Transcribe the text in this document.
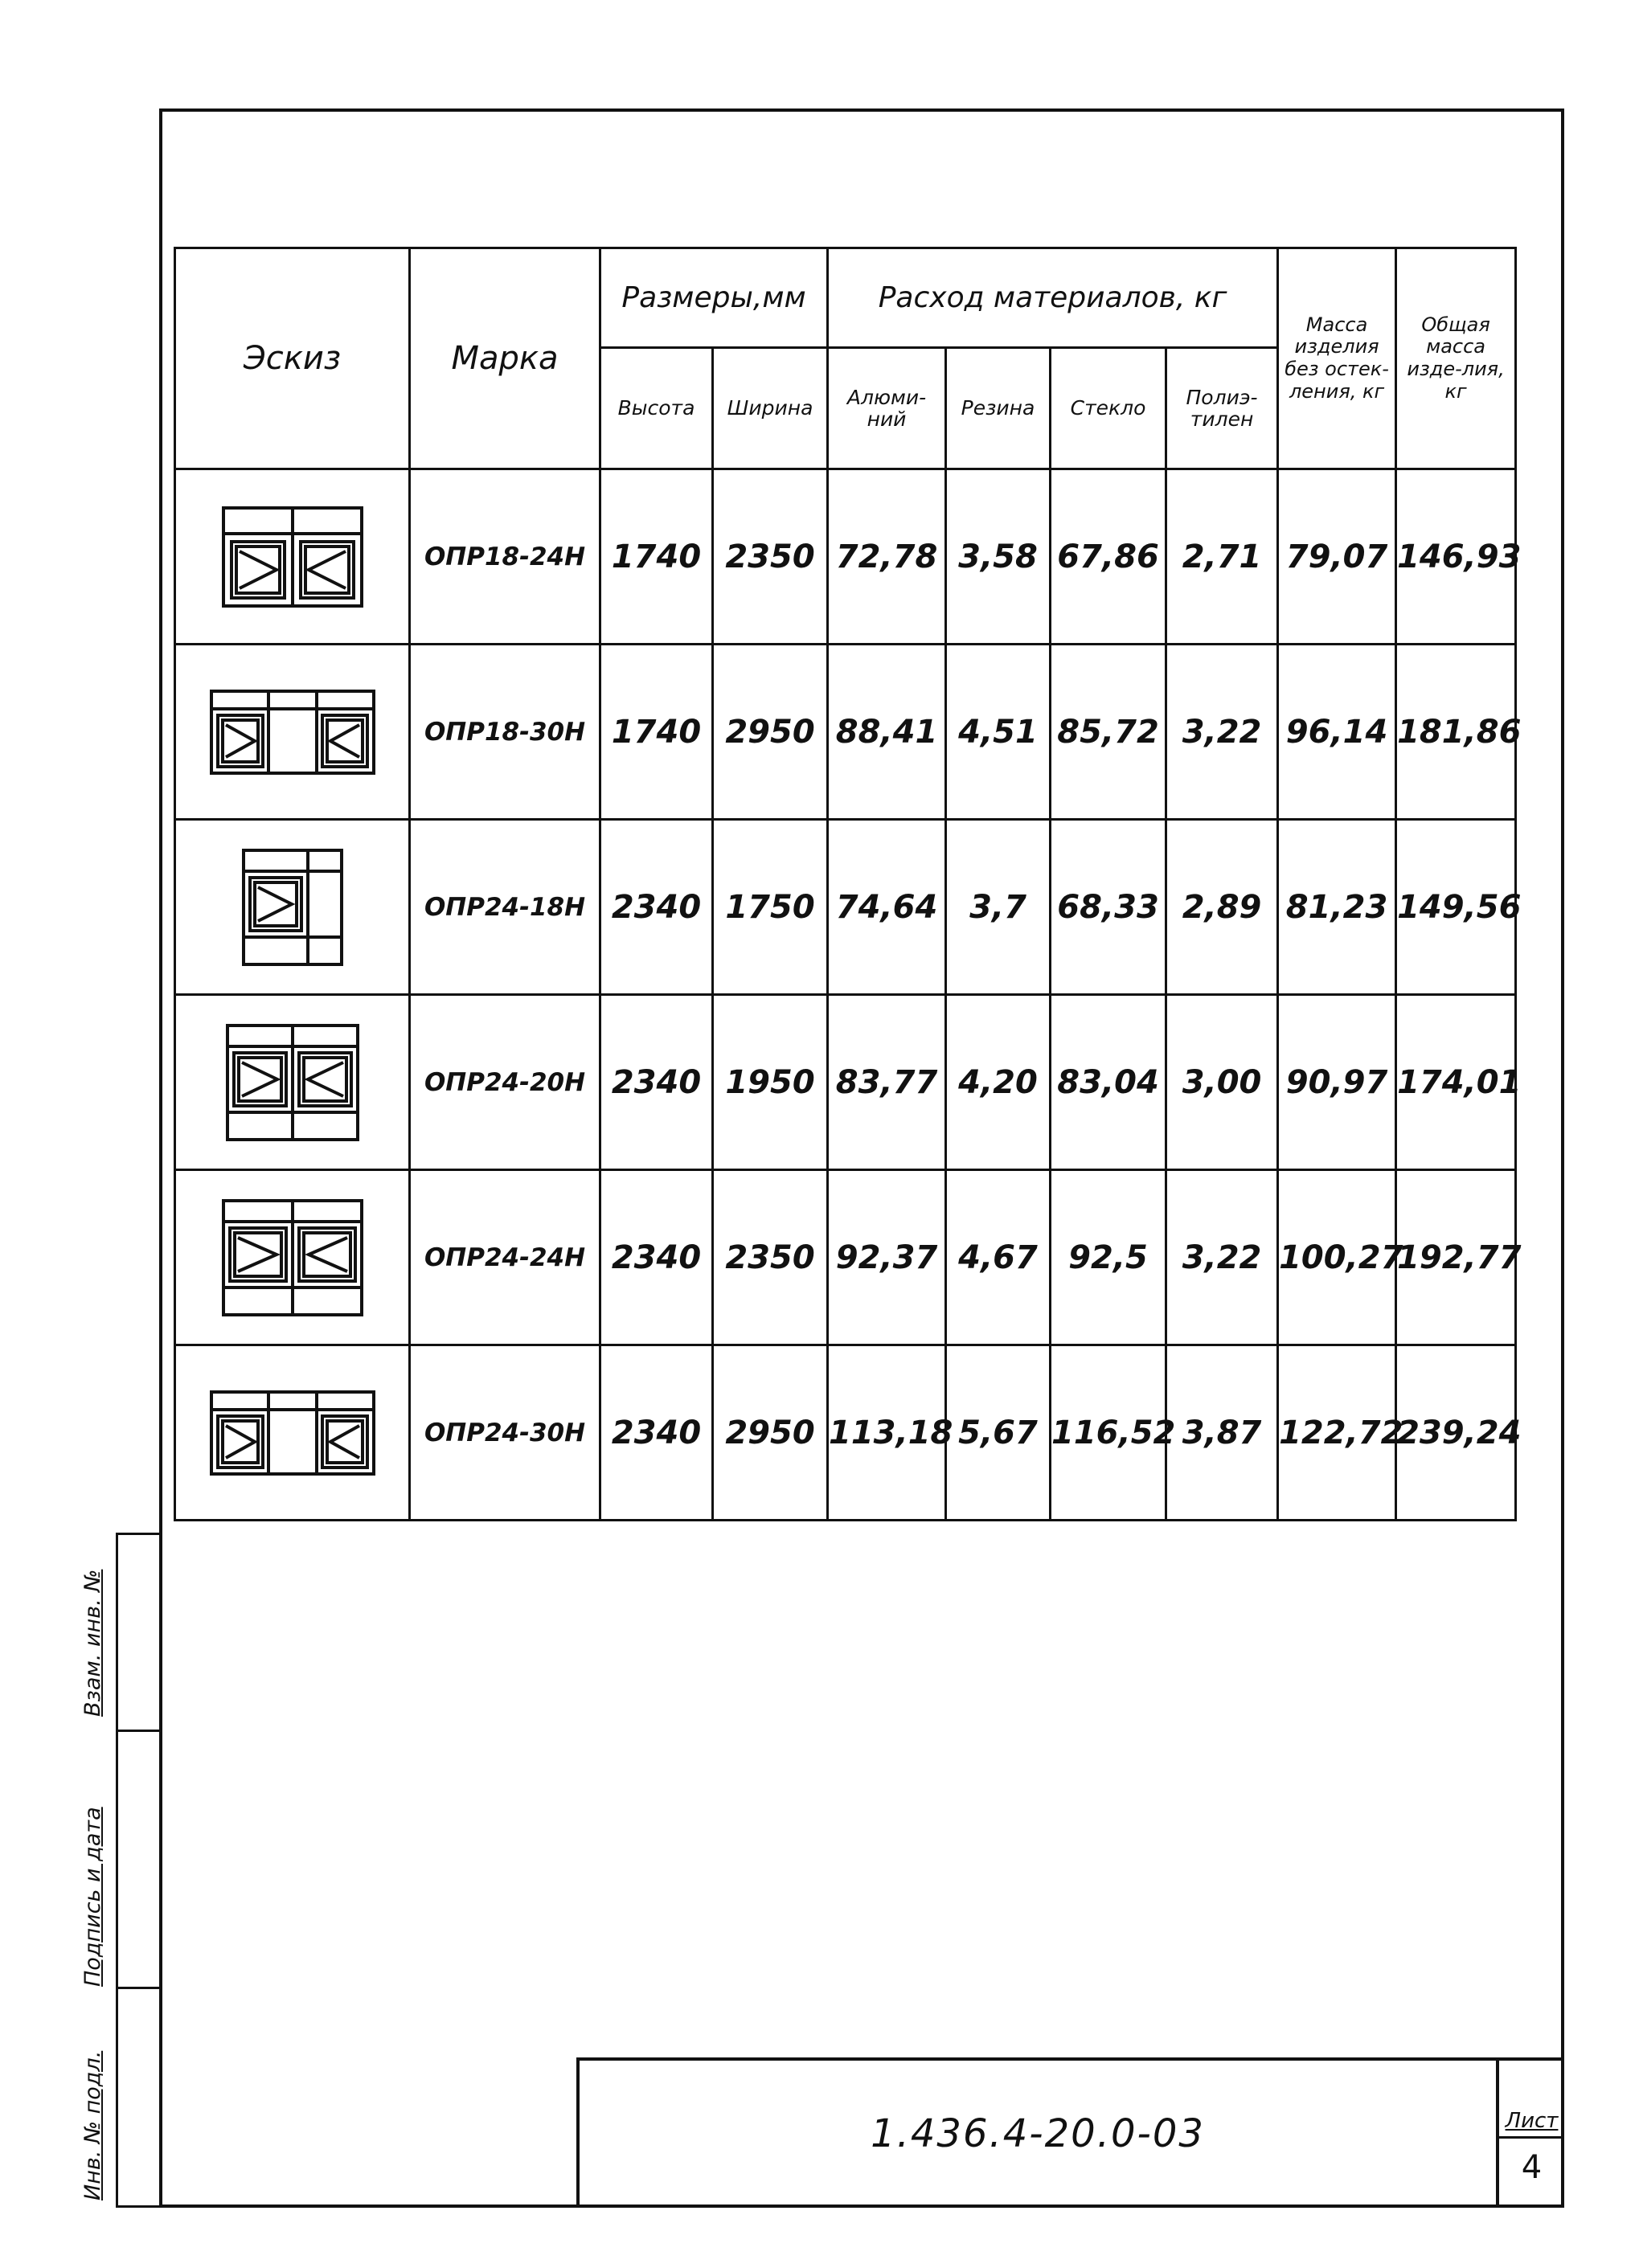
Инв. № подл.
Подпись и дата
Взам. инв. №
Эскиз	Марка	Размеры,мм		Расход материалов, кг				Масса изделия без остек-ления, кг	Общая масса изде-лия, кг
		Высота	Ширина	Алюми-ний	Резина	Стекло	Полиэ-тилен		

	ОПР18-24Н	1740	2350	72,78	3,58	67,86	2,71	79,07	146,93

	ОПР18-30Н	1740	2950	88,41	4,51	85,72	3,22	96,14	181,86

	ОПР24-18Н	2340	1750	74,64	3,7	68,33	2,89	81,23	149,56

	ОПР24-20Н	2340	1950	83,77	4,20	83,04	3,00	90,97	174,01

	ОПР24-24Н	2340	2350	92,37	4,67	92,5	3,22	100,27	192,77

	ОПР24-30Н	2340	2950	113,18	5,67	116,52	3,87	122,72	239,24
1.436.4-20.0-03	Лист
4
